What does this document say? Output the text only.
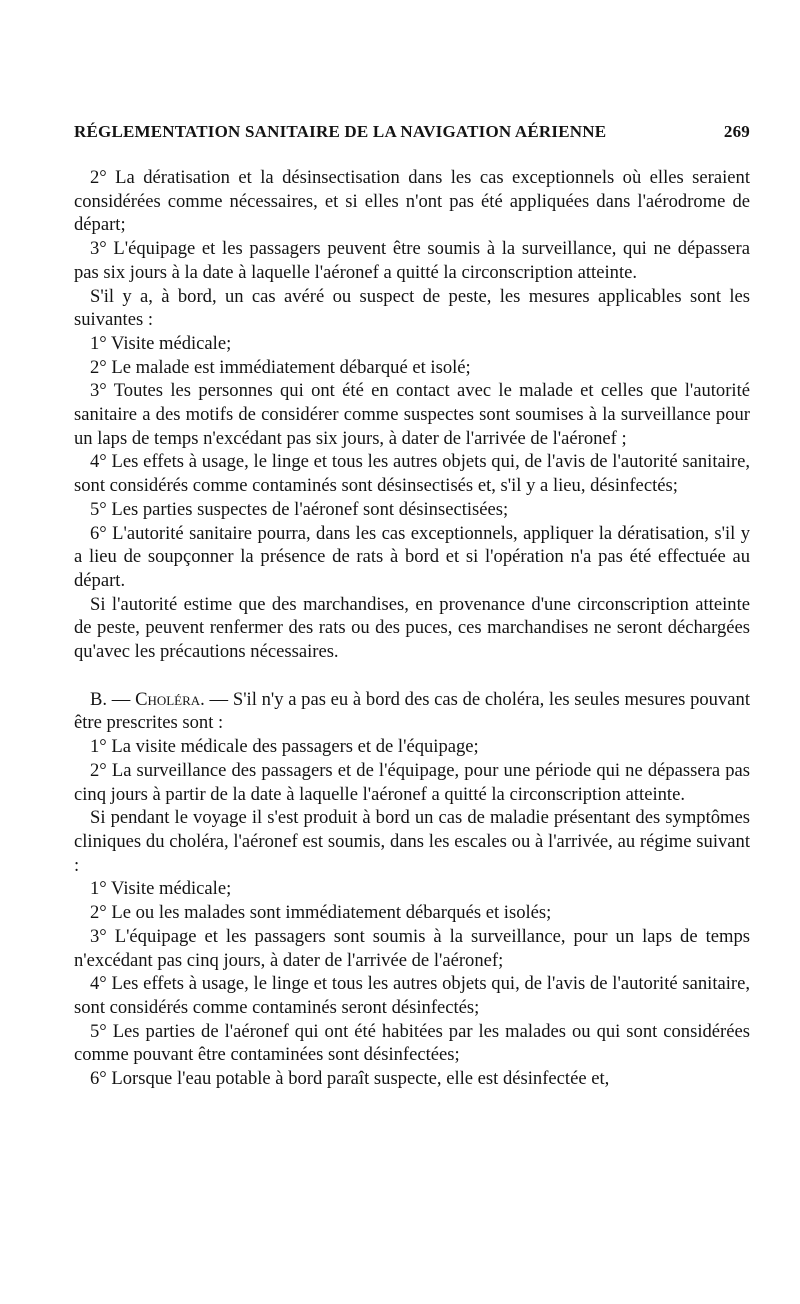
RÉGLEMENTATION SANITAIRE DE LA NAVIGATION AÉRIENNE	269

2° La dératisation et la désinsectisation dans les cas exceptionnels où elles seraient considérées comme nécessaires, et si elles n'ont pas été appliquées dans l'aérodrome de départ;

3° L'équipage et les passagers peuvent être soumis à la surveillance, qui ne dépassera pas six jours à la date à laquelle l'aéronef a quitté la circonscription atteinte.

S'il y a, à bord, un cas avéré ou suspect de peste, les mesures applicables sont les suivantes :

1° Visite médicale;

2° Le malade est immédiatement débarqué et isolé;

3° Toutes les personnes qui ont été en contact avec le malade et celles que l'autorité sanitaire a des motifs de considérer comme suspectes sont soumises à la surveillance pour un laps de temps n'excédant pas six jours, à dater de l'arrivée de l'aéronef ;

4° Les effets à usage, le linge et tous les autres objets qui, de l'avis de l'autorité sanitaire, sont considérés comme contaminés sont désinsectisés et, s'il y a lieu, désinfectés;

5° Les parties suspectes de l'aéronef sont désinsectisées;

6° L'autorité sanitaire pourra, dans les cas exceptionnels, appliquer la dératisation, s'il y a lieu de soupçonner la présence de rats à bord et si l'opération n'a pas été effectuée au départ.

Si l'autorité estime que des marchandises, en provenance d'une circonscription atteinte de peste, peuvent renfermer des rats ou des puces, ces marchandises ne seront déchargées qu'avec les précautions nécessaires.

B. — Choléra. — S'il n'y a pas eu à bord des cas de choléra, les seules mesures pouvant être prescrites sont :

1° La visite médicale des passagers et de l'équipage;

2° La surveillance des passagers et de l'équipage, pour une période qui ne dépassera pas cinq jours à partir de la date à laquelle l'aéronef a quitté la circonscription atteinte.

Si pendant le voyage il s'est produit à bord un cas de maladie présentant des symptômes cliniques du choléra, l'aéronef est soumis, dans les escales ou à l'arrivée, au régime suivant :

1° Visite médicale;

2° Le ou les malades sont immédiatement débarqués et isolés;

3° L'équipage et les passagers sont soumis à la surveillance, pour un laps de temps n'excédant pas cinq jours, à dater de l'arrivée de l'aéronef;

4° Les effets à usage, le linge et tous les autres objets qui, de l'avis de l'autorité sanitaire, sont considérés comme contaminés seront désinfectés;

5° Les parties de l'aéronef qui ont été habitées par les malades ou qui sont considérées comme pouvant être contaminées sont désinfectées;

6° Lorsque l'eau potable à bord paraît suspecte, elle est désinfectée et,
